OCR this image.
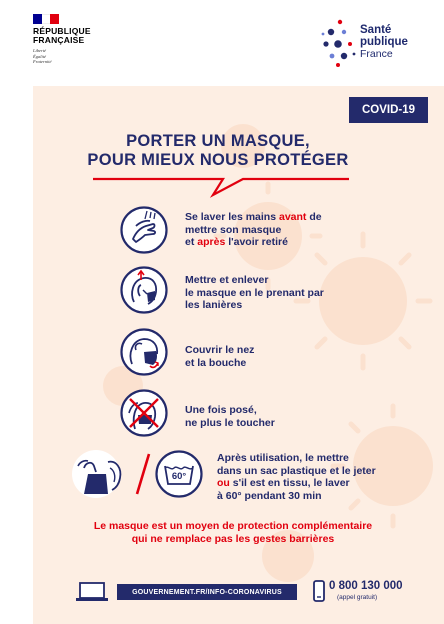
RÉPUBLIQUE
FRANÇAISE
Liberté
Égalité
Fraternité
Santé
publique
France
COVID-19
PORTER UN MASQUE,
POUR MIEUX NOUS PROTÉGER
Se laver les mains avant de
mettre son masque
et après l'avoir retiré
Mettre et enlever
le masque en le prenant par
les lanières
Couvrir le nez
et la bouche
Une fois posé,
ne plus le toucher
60°
Après utilisation, le mettre
dans un sac plastique et le jeter
ou s'il est en tissu, le laver
à 60° pendant 30 min
Le masque est un moyen de protection complémentaire
qui ne remplace pas les gestes barrières
GOUVERNEMENT.FR/INFO-CORONAVIRUS	0 800 130 000
(appel gratuit)
